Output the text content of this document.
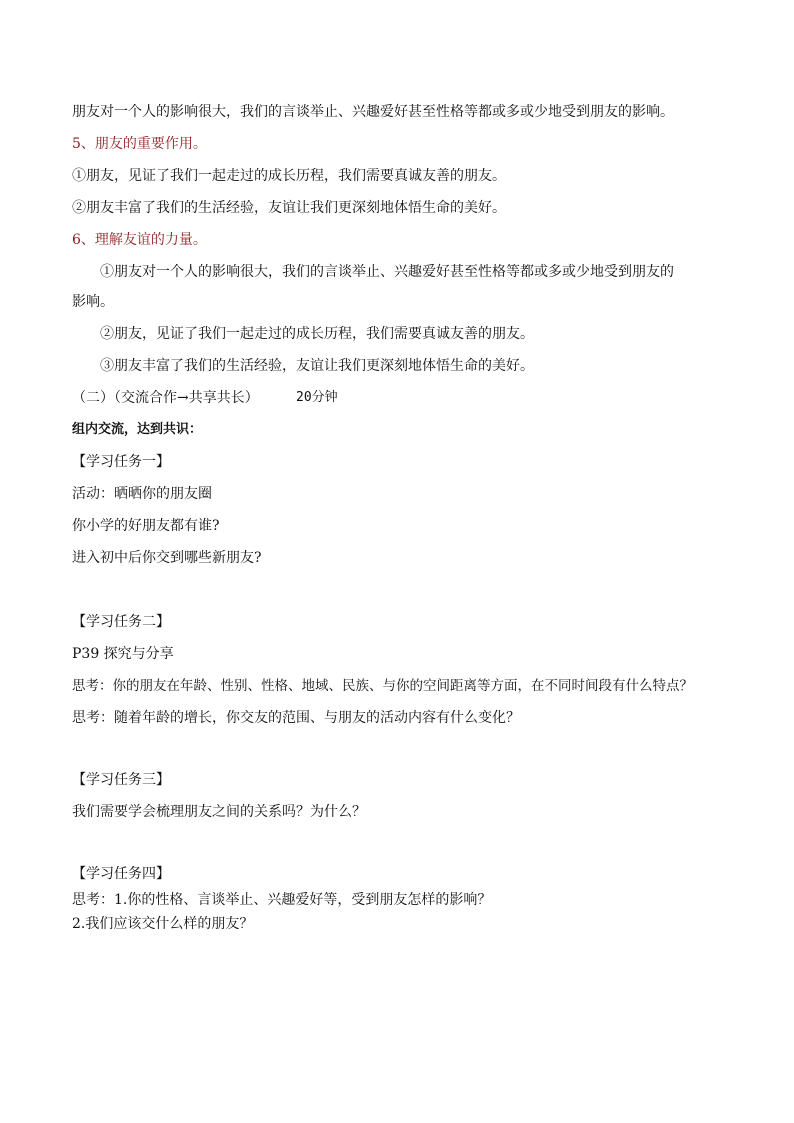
朋友对一个人的影响很大，我们的言谈举止、兴趣爱好甚至性格等都或多或少地受到朋友的影响。
5、朋友的重要作用。
①朋友，见证了我们一起走过的成长历程，我们需要真诚友善的朋友。
②朋友丰富了我们的生活经验，友谊让我们更深刻地体悟生命的美好。
6、理解友谊的力量。
①朋友对一个人的影响很大，我们的言谈举止、兴趣爱好甚至性格等都或多或少地受到朋友的
影响。
②朋友，见证了我们一起走过的成长历程，我们需要真诚友善的朋友。
③朋友丰富了我们的生活经验，友谊让我们更深刻地体悟生命的美好。
（二）（交流合作→共享共长）	20分钟
组内交流，达到共识：
【学习任务一】
活动：晒晒你的朋友圈
你小学的好朋友都有谁?
进入初中后你交到哪些新朋友?
【学习任务二】
P39 探究与分享
思考：你的朋友在年龄、性别、性格、地域、民族、与你的空间距离等方面，在不同时间段有什么特点？
思考：随着年龄的增长，你交友的范围、与朋友的活动内容有什么变化？
【学习任务三】
我们需要学会梳理朋友之间的关系吗？为什么？
【学习任务四】
思考：1.你的性格、言谈举止、兴趣爱好等，受到朋友怎样的影响？
2.我们应该交什么样的朋友？
